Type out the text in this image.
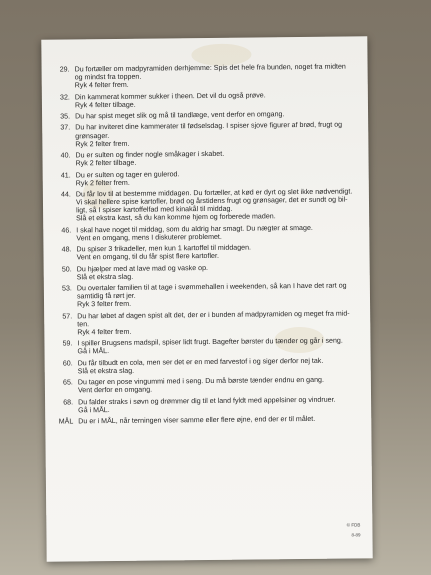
29. Du fortæller om madpyramiden derhjemme: Spis det hele fra bunden, noget fra midten
og mindst fra toppen.
Ryk 4 felter frem.
32. Din kammerat kommer sukker i theen. Det vil du også prøve.
Ryk 4 felter tilbage.
35. Du har spist meget slik og må til tandlæge, vent derfor en omgang.
37. Du har inviteret dine kammerater til fødselsdag. I spiser sjove figurer af brød, frugt og
grønsager.
Ryk 2 felter frem.
40. Du er sulten og finder nogle småkager i skabet.
Ryk 2 felter tilbage.
41. Du er sulten og tager en gulerod.
Ryk 2 felter frem.
44. Du får lov til at bestemme middagen. Du fortæller, at kød er dyrt og slet ikke nødvendigt.
Vi skal hellere spise kartofler, brød og årstidens frugt og grønsager, det er sundt og bil-
ligt, så I spiser kartoffelfad med kinakål til middag.
Slå et ekstra kast, så du kan komme hjem og forberede maden.
46. I skal have noget til middag, som du aldrig har smagt. Du nægter at smage.
Vent en omgang, mens I diskuterer problemet.
48. Du spiser 3 frikadeller, men kun 1 kartoffel til middagen.
Vent en omgang, til du får spist flere kartofler.
50. Du hjælper med at lave mad og vaske op.
Slå et ekstra slag.
53. Du overtaler familien til at tage i svømmehallen i weekenden, så kan I have det rart og
samtidig få rørt jer.
Ryk 3 felter frem.
57. Du har løbet af dagen spist alt det, der er i bunden af madpyramiden og meget fra mid-
ten.
Ryk 4 felter frem.
59. I spiller Brugsens madspil, spiser lidt frugt. Bagefter børster du tænder og går i seng.
Gå i MÅL.
60. Du får tilbudt en cola, men ser det er en med farvestof i og siger derfor nej tak.
Slå et ekstra slag.
65. Du tager en pose vingummi med i seng. Du må børste tænder endnu en gang.
Vent derfor en omgang.
68. Du falder straks i søvn og drømmer dig til et land fyldt med appelsiner og vindruer.
Gå i MÅL.
MÅL Du er i MÅL, når terningen viser samme eller flere øjne, end der er til målet.
© FDB
8-89
